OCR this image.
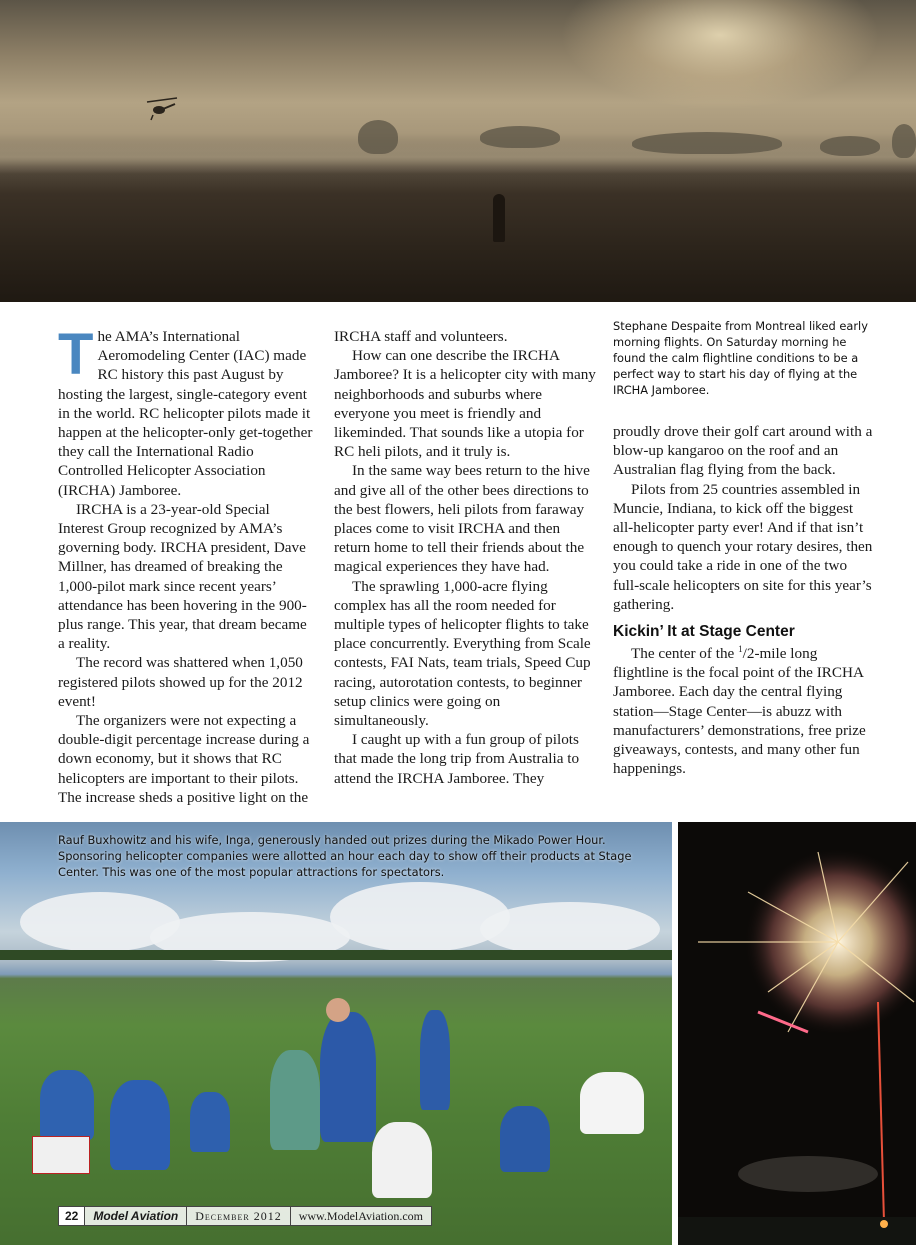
The AMA’s International Aeromodeling Center (IAC) made RC history this past August by hosting the largest, single-category event in the world. RC helicopter pilots made it happen at the helicopter-only get-together they call the International Radio Controlled Helicopter Association (IRCHA) Jamboree.

IRCHA is a 23-year-old Special Interest Group recognized by AMA’s governing body. IRCHA president, Dave Millner, has dreamed of breaking the 1,000-pilot mark since recent years’ attendance has been hovering in the 900-plus range. This year, that dream became a reality.

The record was shattered when 1,050 registered pilots showed up for the 2012 event!

The organizers were not expecting a double-digit percentage increase during a down economy, but it shows that RC helicopters are important to their pilots. The increase sheds a positive light on the

IRCHA staff and volunteers.

How can one describe the IRCHA Jamboree? It is a helicopter city with many neighborhoods and suburbs where everyone you meet is friendly and likeminded. That sounds like a utopia for RC heli pilots, and it truly is.

In the same way bees return to the hive and give all of the other bees directions to the best flowers, heli pilots from faraway places come to visit IRCHA and then return home to tell their friends about the magical experiences they have had.

The sprawling 1,000-acre flying complex has all the room needed for multiple types of helicopter flights to take place concurrently. Everything from Scale contests, FAI Nats, team trials, Speed Cup racing, autorotation contests, to beginner setup clinics were going on simultaneously.

I caught up with a fun group of pilots that made the long trip from Australia to attend the IRCHA Jamboree. They

Stephane Despaite from Montreal liked early morning flights. On Saturday morning he found the calm flightline conditions to be a perfect way to start his day of flying at the IRCHA Jamboree.

proudly drove their golf cart around with a blow-up kangaroo on the roof and an Australian flag flying from the back.

Pilots from 25 countries assembled in Muncie, Indiana, to kick off the biggest all-helicopter party ever! And if that isn’t enough to quench your rotary desires, then you could take a ride in one of the two full-scale helicopters on site for this year’s gathering.

Kickin’ It at Stage Center

The center of the $^1$/2-mile long flightline is the focal point of the IRCHA Jamboree. Each day the central flying station—Stage Center—is abuzz with manufacturers’ demonstrations, free prize giveaways, contests, and many other fun happenings.

Rauf Buxhowitz and his wife, Inga, generously handed out prizes during the Mikado Power Hour. Sponsoring helicopter companies were allotted an hour each day to show off their products at Stage Center. This was one of the most popular attractions for spectators.
22	Model Aviation	December 2012	www.ModelAviation.com
